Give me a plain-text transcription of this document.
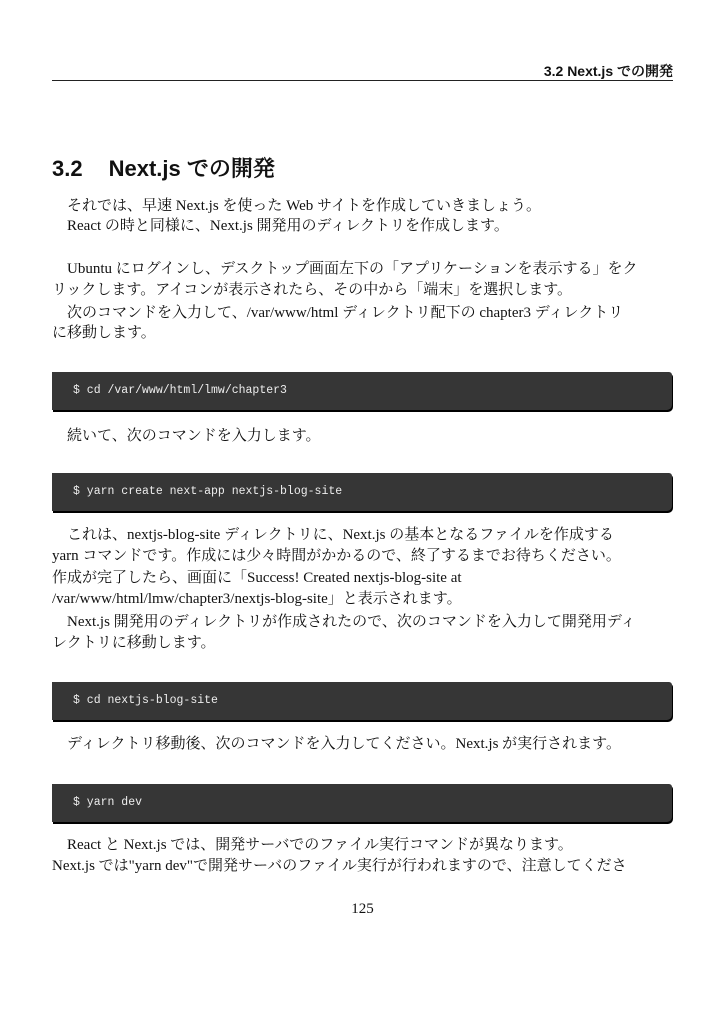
3.2 Next.js での開発
3.2 Next.js での開発
それでは、早速 Next.js を使った Web サイトを作成していきましょう。
React の時と同様に、Next.js 開発用のディレクトリを作成します。
Ubuntu にログインし、デスクトップ画面左下の「アプリケーションを表示する」をク
リックします。アイコンが表示されたら、その中から「端末」を選択します。
次のコマンドを入力して、/var/www/html ディレクトリ配下の chapter3 ディレクトリ
に移動します。
$ cd /var/www/html/lmw/chapter3
続いて、次のコマンドを入力します。
$ yarn create next-app nextjs-blog-site
これは、nextjs-blog-site ディレクトリに、Next.js の基本となるファイルを作成する
yarn コマンドです。作成には少々時間がかかるので、終了するまでお待ちください。
作成が完了したら、画面に「Success! Created nextjs-blog-site at
/var/www/html/lmw/chapter3/nextjs-blog-site」と表示されます。
Next.js 開発用のディレクトリが作成されたので、次のコマンドを入力して開発用ディ
レクトリに移動します。
$ cd nextjs-blog-site
ディレクトリ移動後、次のコマンドを入力してください。Next.js が実行されます。
$ yarn dev
React と Next.js では、開発サーバでのファイル実行コマンドが異なります。
Next.js では"yarn dev"で開発サーバのファイル実行が行われますので、注意してくださ
125
